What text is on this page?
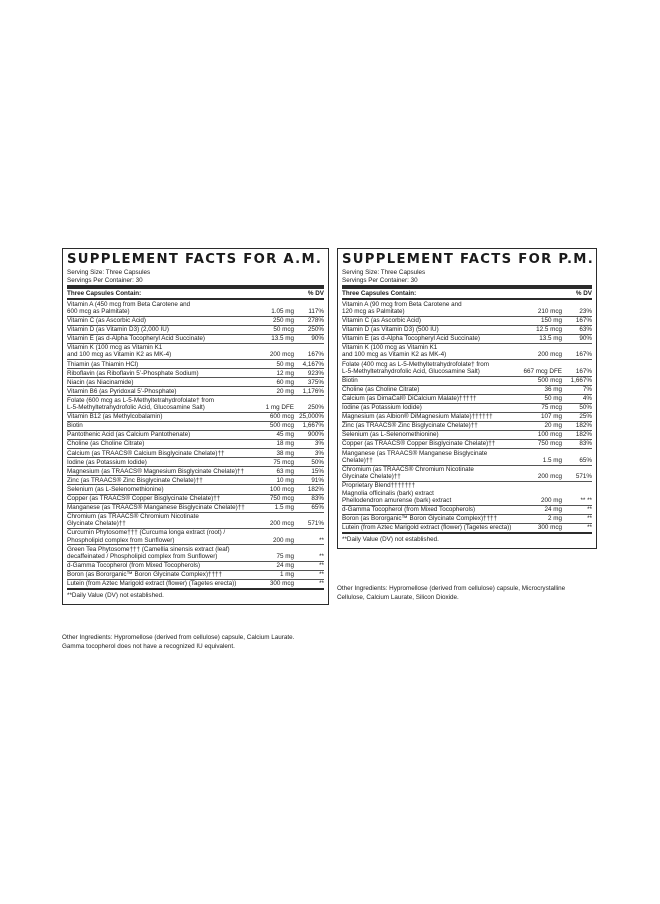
SUPPLEMENT FACTS FOR A.M.
Serving Size: Three Capsules
Servings Per Container: 30
Three Capsules Contain:	% DV
Vitamin A (450 mcg from Beta Carotene and
600 mcg as Palmitate)	1.05 mg	117%
Vitamin C (as Ascorbic Acid)	250 mg	278%
Vitamin D (as Vitamin D3) (2,000 IU)	50 mcg	250%
Vitamin E (as d-Alpha Tocopheryl Acid Succinate)	13.5 mg	90%
Vitamin K (100 mcg as Vitamin K1
and 100 mcg as Vitamin K2 as MK-4)	200 mcg	167%
Thiamin (as Thiamin HCl)	50 mg	4,167%
Riboflavin (as Riboflavin 5’-Phosphate Sodium)	12 mg	923%
Niacin (as Niacinamide)	60 mg	375%
Vitamin B6 (as Pyridoxal 5’-Phosphate)	20 mg	1,176%
Folate (600 mcg as L-5-Methyltetrahydrofolate† from
L-5-Methyltetrahydrofolic Acid, Glucosamine Salt)	1 mg DFE	250%
Vitamin B12 (as Methylcobalamin)	600 mcg 25,000%
Biotin	500 mcg	1,667%
Pantothenic Acid (as Calcium Pantothenate)	45 mg	900%
Choline (as Choline Citrate)	18 mg	3%
Calcium (as TRAACS® Calcium Bisglycinate Chelate)††	38 mg	3%
Iodine (as Potassium Iodide)	75 mcg	50%
Magnesium (as TRAACS® Magnesium Bisglycinate Chelate)††	63 mg	15%
Zinc (as TRAACS® Zinc Bisglycinate Chelate)††	10 mg	91%
Selenium (as L-Selenomethionine)	100 mcg	182%
Copper (as TRAACS® Copper Bisglycinate Chelate)††	750 mcg	83%
Manganese (as TRAACS® Manganese Bisglycinate Chelate)††	1.5 mg	65%
Chromium (as TRAACS® Chromium Nicotinate
Glycinate Chelate)††	200 mcg	571%
Curcumin Phytosome††† (Curcuma longa extract (root) /
Phospholipid complex from Sunflower)	200 mg	**
Green Tea Phytosome††† (Camellia sinensis extract (leaf)
decaffeinated / Phospholipid complex from Sunflower)	75 mg	**
d-Gamma Tocopherol (from Mixed Tocopherols)	24 mg	**
Boron (as Bororganic™ Boron Glycinate Complex)††††	1 mg	**
Lutein (from Aztec Marigold extract (flower) (Tagetes erecta))	300 mcg	**
**Daily Value (DV) not established.
Other Ingredients: Hypromellose (derived from cellulose) capsule, Calcium Laurate.
Gamma tocopherol does not have a recognized IU equivalent.
SUPPLEMENT FACTS FOR P.M.
Serving Size: Three Capsules
Servings Per Container: 30
Three Capsules Contain:	% DV
Vitamin A (90 mcg from Beta Carotene and
120 mcg as Palmitate)	210 mcg	23%
Vitamin C (as Ascorbic Acid)	150 mg	167%
Vitamin D (as Vitamin D3) (500 IU)	12.5 mcg	63%
Vitamin E (as d-Alpha Tocopheryl Acid Succinate)	13.5 mg	90%
Vitamin K (100 mcg as Vitamin K1
and 100 mcg as Vitamin K2 as MK-4)	200 mcg	167%
Folate (400 mcg as L-5-Methyltetrahydrofolate† from
L-5-Methyltetrahydrofolic Acid, Glucosamine Salt)	667 mcg DFE	167%
Biotin	500 mcg	1,667%
Choline (as Choline Citrate)	36 mg	7%
Calcium (as DimaCal® DiCalcium Malate)†††††	50 mg	4%
Iodine (as Potassium Iodide)	75 mcg	50%
Magnesium (as Albion® DiMagnesium Malate)††††††	107 mg	25%
Zinc (as TRAACS® Zinc Bisglycinate Chelate)††	20 mg	182%
Selenium (as L-Selenomethionine)	100 mcg	182%
Copper (as TRAACS® Copper Bisglycinate Chelate)††	750 mcg	83%
Manganese (as TRAACS® Manganese Bisglycinate Chelate)††	1.5 mg	65%
Chromium (as TRAACS® Chromium Nicotinate
Glycinate Chelate)††	200 mcg	571%
Proprietary Blend†††††††
Magnolia officinalis (bark) extract
Phellodendron amurense (bark) extract	200 mg	** **
d-Gamma Tocopherol (from Mixed Tocopherols)	24 mg	**
Boron (as Bororganic™ Boron Glycinate Complex)††††	2 mg	**
Lutein (from Aztec Marigold extract (flower) (Tagetes erecta))	300 mcg	**
**Daily Value (DV) not established.
Other Ingredients: Hypromellose (derived from cellulose) capsule, Microcrystalline
Cellulose, Calcium Laurate, Silicon Dioxide.
